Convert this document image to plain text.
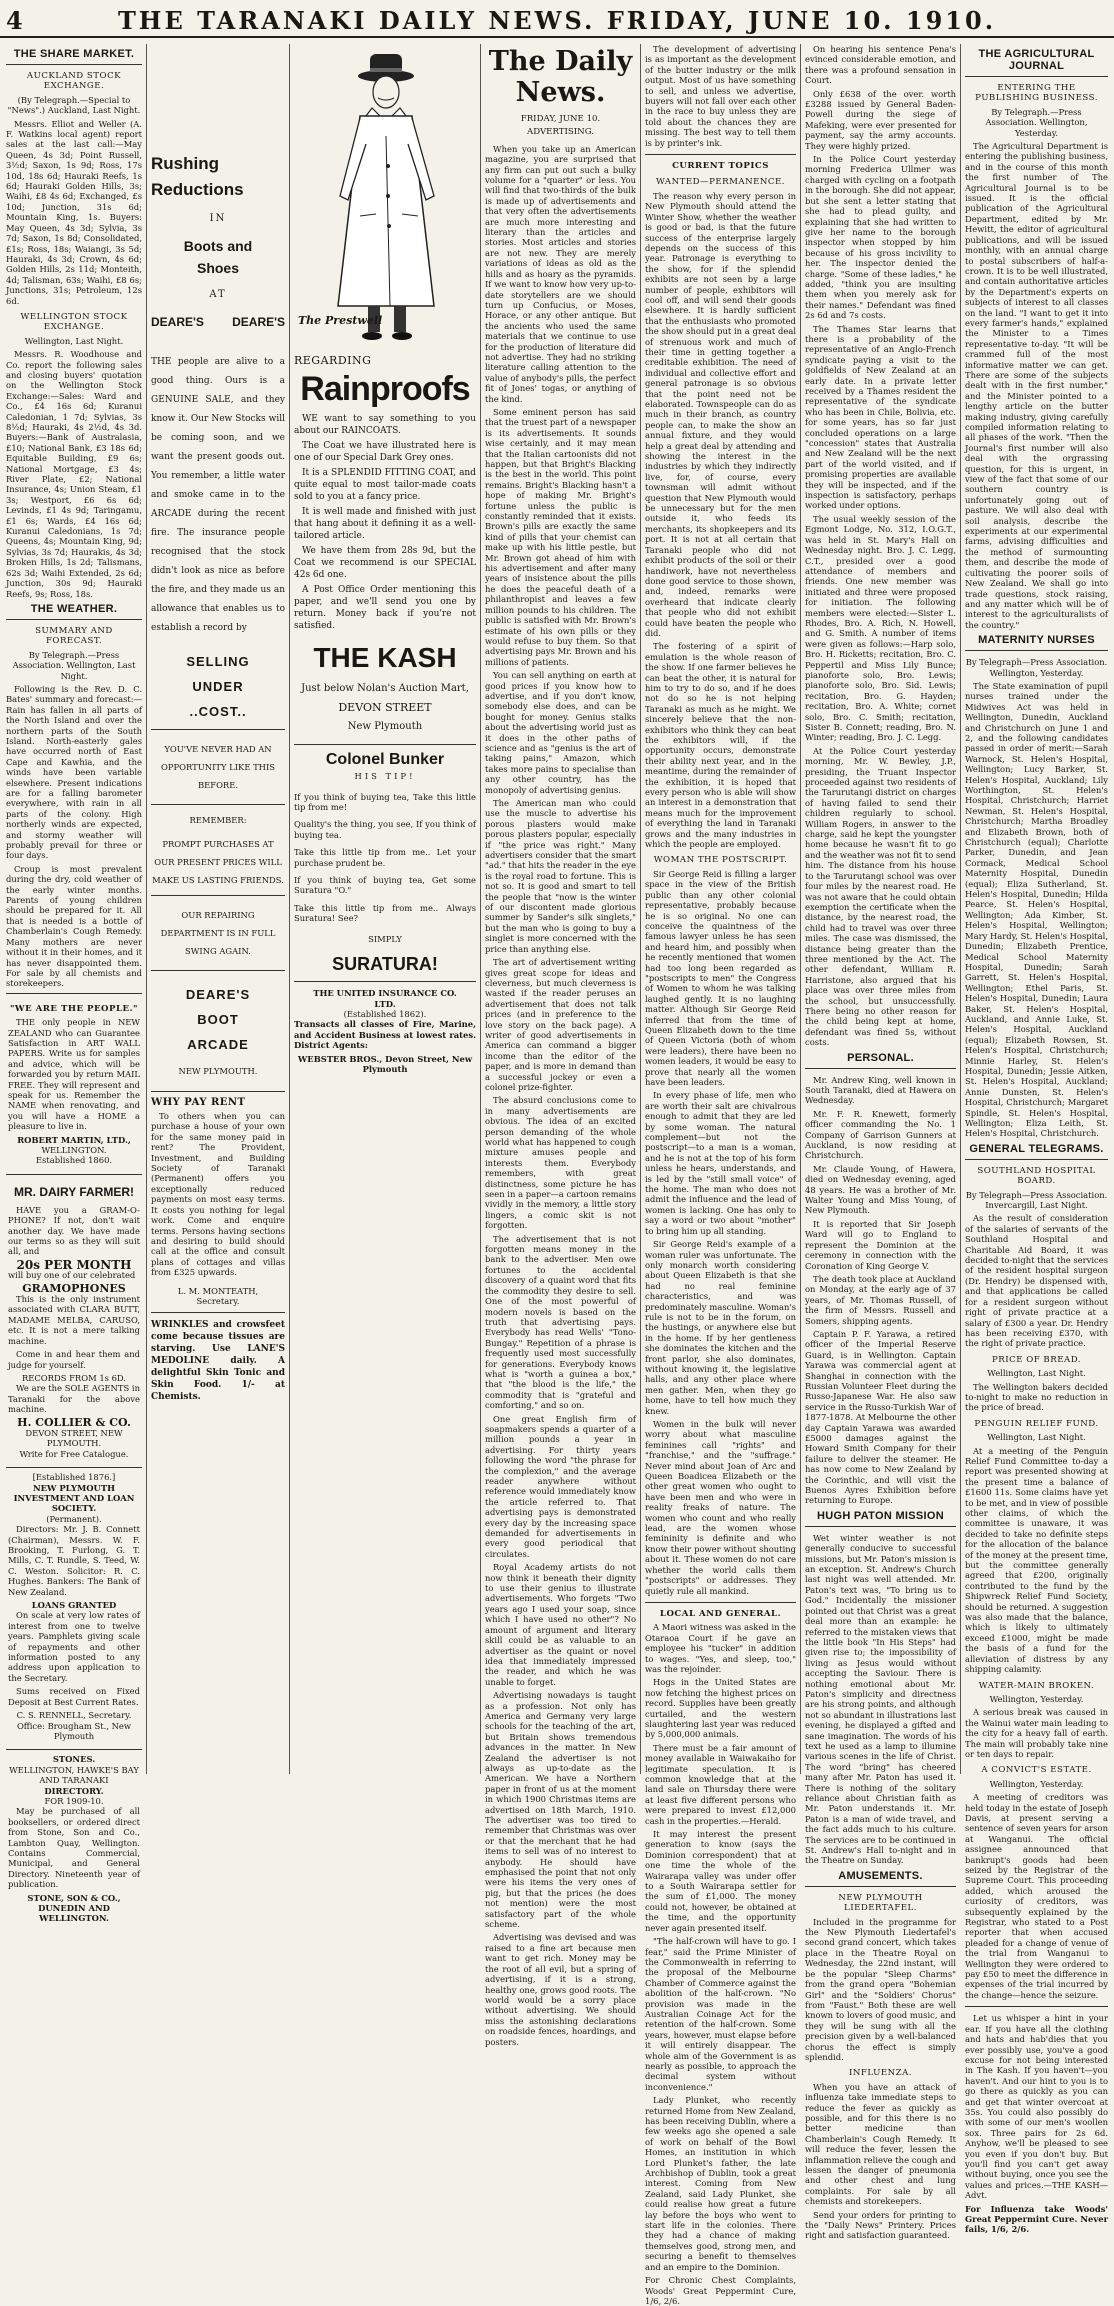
4	THE TARANAKI DAILY NEWS. FRIDAY, JUNE 10. 1910.
THE SHARE MARKET.
AUCKLAND STOCK EXCHANGE.
(By Telegraph.—Special to "News".) Auckland, Last Night.

Messrs. Elliot and Weller (A. F. Watkins local agent) report sales at the last call:—May Queen, 4s 3d; Point Russell, 3½d; Saxon, 1s 9d; Ross, 17s 10d, 18s 6d; Hauraki Reefs, 1s 6d; Hauraki Golden Hills, 3s; Waihi, £8 4s 6d; Exchanged, £s 10d; Junction, 31s 6d; Mountain King, 1s. Buyers: May Queen, 4s 3d; Sylvia, 3s 7d; Saxon, 1s 8d; Consolidated, £1s; Ross, 18s; Waiangi, 3s 5d; Hauraki, 4s 3d; Crown, 4s 6d; Golden Hills, 2s 11d; Monteith, 4d; Talisman, 63s; Waihi, £8 6s; Junctions, 31s; Petroleum, 12s 6d.

WELLINGTON STOCK EXCHANGE.
Wellington, Last Night.

Messrs. R. Woodhouse and Co. report the following sales and closing buyers' quotation on the Wellington Stock Exchange:—Sales: Ward and Co., £4 16s 6d; Kuranui Caledonian, 1 7d; Sylvias, 3s 8½d; Hauraki, 4s 2½d, 4s 3d. Buyers:—Bank of Australasia, £10; National Bank, £3 18s 6d; Equitable Building, £9 6s; National Mortgage, £3 4s; River Plate, £2; National Insurance, 4s; Union Steam, £1 3s; Westport, £6 6s 6d; Levinds, £1 4s 9d; Taringamu, £1 6s; Wards, £4 16s 6d; Kuranui Caledonians, 1s 7d; Queens, 4s; Mountain King, 9d; Sylvias, 3s 7d; Haurakis, 4s 3d; Broken Hills, 1s 2d; Talismans, 62s 3d; Waihi Extended, 2s 6d; Junction, 30s 9d; Hauraki Reefs, 9s; Ross, 18s.

THE WEATHER.
SUMMARY AND FORECAST.
By Telegraph.—Press Association. Wellington, Last Night.

Following is the Rev. D. C. Bates' summary and forecast:—Rain has fallen in all parts of the North Island and over the northern parts of the South Island. North-easterly gales have occurred north of East Cape and Kawhia, and the winds have been variable elsewhere. Present indications are for a falling barometer everywhere, with rain in all parts of the colony. High northerly winds are expected, and stormy weather will probably prevail for three or four days.

Croup is most prevalent during the dry, cold weather of the early winter months. Parents of young children should be prepared for it. All that is needed is a bottle of Chamberlain's Cough Remedy. Many mothers are never without it in their homes, and it has never disappointed them. For sale by all chemists and storekeepers.

"WE ARE THE PEOPLE."

THE only people in NEW ZEALAND who can Guarantee Satisfaction in ART WALL PAPERS. Write us for samples and advice, which will be forwarded you by return MAIL FREE. They will represent and speak for us. Remember the NAME when renovating, and you will have a HOME a pleasure to live in.

ROBERT MARTIN, LTD.,
WELLINGTON.
Established 1860.
MR. DAIRY FARMER!

HAVE you a GRAM-O-PHONE? If not, don't wait another day. We have made our terms so as they will suit all, and

20s PER MONTH

will buy one of our celebrated

GRAMOPHONES

This is the only instrument associated with CLARA BUTT, MADAME MELBA, CARUSO, etc. It is not a mere talking machine.

Come in and hear them and judge for yourself.

RECORDS FROM 1s 6D.

We are the SOLE AGENTS in Taranaki for the above machine.

H. COLLIER & CO.
DEVON STREET, NEW PLYMOUTH.
Write for Free Catalogue.
[Established 1876.]
NEW PLYMOUTH INVESTMENT AND LOAN SOCIETY.
(Permanent).

Directors: Mr. J. B. Connett (Chairman), Messrs. W. F. Brooking, T. Furlong, G. T. Mills, C. T. Rundle, S. Teed, W. C. Weston. Solicitor: R. C. Hughes. Bankers: The Bank of New Zealand.

LOANS GRANTED

On scale at very low rates of interest from one to twelve years. Pamphlets giving scale of repayments and other information posted to any address upon application to the Secretary.

Sums received on Fixed Deposit at Best Current Rates.

C. S. RENNELL, Secretary.
Office: Brougham St., New Plymouth
STONES.
WELLINGTON, HAWKE'S BAY AND TARANAKI
DIRECTORY.
FOR 1909-10.

May be purchased of all booksellers, or ordered direct from Stone, Son and Co., Lambton Quay, Wellington. Contains Commercial, Municipal, and General Directory. Nineteenth year of publication.

STONE, SON & CO.,
DUNEDIN AND WELLINGTON.
Rushing
Reductions
IN
Boots and
Shoes
AT
DEARE'S DEARE'S

THE people are alive to a good thing. Ours is a GENUINE SALE, and they know it. Our New Stocks will be coming soon, and we want the present goods out. You remember, a little water and smoke came in to the ARCADE during the recent fire. The insurance people recognised that the stock didn't look as nice as before the fire, and they made us an allowance that enables us to establish a record by

SELLING
UNDER
..COST..
YOU'VE NEVER HAD AN OPPORTUNITY LIKE THIS BEFORE.
REMEMBER:
PROMPT PURCHASES AT OUR PRESENT PRICES WILL MAKE US LASTING FRIENDS.
OUR REPAIRING DEPARTMENT IS IN FULL SWING AGAIN.
DEARE'S
BOOT
ARCADE
NEW PLYMOUTH.
WHY PAY RENT

To others when you can purchase a house of your own for the same money paid in rent? The Provident, Investment, and Building Society of Taranaki (Permanent) offers you exceptionally reduced payments on most easy terms. It costs you nothing for legal work. Come and enquire terms. Persons having sections and desiring to build should call at the office and consult plans of cottages and villas from £325 upwards.

L. M. MONTEATH,
Secretary.

WRINKLES and crowsfeet come because tissues are starving. Use LANE'S MEDOLINE daily. A delightful Skin Tonic and Skin Food. 1/- at Chemists.

The Prestwell
REGARDING
Rainproofs

WE want to say something to you about our RAINCOATS.

The Coat we have illustrated here is one of our Special Dark Grey ones.

It is a SPLENDID FITTING COAT, and quite equal to most tailor-made coats sold to you at a fancy price.

It is well made and finished with just that hang about it defining it as a well-tailored article.

We have them from 28s 9d, but the Coat we recommend is our SPECIAL 42s 6d one.

A Post Office Order mentioning this paper, and we'll send you one by return. Money back if you're not satisfied.

THE KASH
Just below Nolan's Auction Mart,
DEVON STREET
New Plymouth
Colonel Bunker
HIS TIP!

If you think of buying tea, Take this little tip from me!

Quality's the thing, you see, If you think of buying tea.

Take this little tip from me.. Let your purchase prudent be.

If you think of buying tea, Get some Suratura "O."

Take this little tip from me.. Always Suratura! See?

SIMPLY
SURATURA!
THE UNITED INSURANCE CO.
LTD.
(Established 1862).

Transacts all classes of Fire, Marine, and Accident Business at lowest rates. District Agents:

WEBSTER BROS., Devon Street, New Plymouth
The Daily News.
FRIDAY, JUNE 10.
ADVERTISING.

When you take up an American magazine, you are surprised that any firm can put out such a bulky volume for a "quarter" or less. You will find that two-thirds of the bulk is made up of advertisements and that very often the advertisements are much more interesting and literary than the articles and stories. Most articles and stories are not new. They are merely variations of ideas as old as the hills and as hoary as the pyramids. If we want to know how very up-to-date storytellers are we should turn up Confucius, or Moses, Horace, or any other antique. But the ancients who used the same materials that we continue to use for the production of literature did not advertise. They had no striking literature calling attention to the value of anybody's pills, the perfect fit of Jones' togas, or anything of the kind.

Some eminent person has said that the truest part of a newspaper is its advertisements. It sounds wise certainly, and it may mean that the Italian cartoonists did not happen, but that Bright's Blacking is the best in the world. This point remains. Bright's Blacking hasn't a hope of making Mr. Bright's fortune unless the public is constantly reminded that it exists. Brown's pills are exactly the same kind of pills that your chemist can make up with his little pestle, but Mr. Brown got ahead of him with his advertisement and after many years of insistence about the pills he does the peaceful death of a philanthropist and leaves a few million pounds to his children. The public is satisfied with Mr. Brown's estimate of his own pills or they would refuse to buy them. So that advertising pays Mr. Brown and his millions of patients.

You can sell anything on earth at good prices if you know how to advertise, and if you don't know, somebody else does, and can be bought for money. Genius stalks about the advertising world just as it does in the other paths of science and as "genius is the art of taking pains," Amazon, which takes more pains to specialise than any other country, has the monopoly of advertising genius.

The American man who could use the muscle to advertise his porous plasters would make porous plasters popular, especially if "the price was right." Many advertisers consider that the smart "ad." that hits the reader in the eye is the royal road to fortune. This is not so. It is good and smart to tell the people that "now is the winter of our discontent made glorious summer by Sander's silk singlets," but the man who is going to buy a singlet is more concerned with the price than anything else.

The art of advertisement writing gives great scope for ideas and cleverness, but much cleverness is wasted if the reader peruses an advertisement that does not talk prices (and in preference to the love story on the back page). A writer of good advertisements in America can command a bigger income than the editor of the paper, and is more in demand than a successful jockey or even a colonel prize-fighter.

The absurd conclusions come to in many advertisements are obvious. The idea of an excited person demanding of the whole world what has happened to cough mixture amuses people and interests them. Everybody remembers, with great distinctness, some picture he has seen in a paper—a cartoon remains vividly in the memory, a little story lingers, a comic skit is not forgotten.

The advertisement that is not forgotten means money in the bank to the advertiser. Men owe fortunes to the accidental discovery of a quaint word that fits the commodity they desire to sell. One of the most powerful of modern novels is based on the truth that advertising pays. Everybody has read Wells' "Tono-Bungay." Repetition of a phrase is frequently used most successfully for generations. Everybody knows what is "worth a guinea a box," that "the blood is the life," the commodity that is "grateful and comforting," and so on.

One great English firm of soapmakers spends a quarter of a million pounds a year in advertising. For thirty years following the word "the phrase for the complexion," and the average reader anywhere without reference would immediately know the article referred to. That advertising pays is demonstrated every day by the increasing space demanded for advertisements in every good periodical that circulates.

Royal Academy artists do not now think it beneath their dignity to use their genius to illustrate advertisements. Who forgets "Two years ago I used your soap, since which I have used no other"? No amount of argument and literary skill could be as valuable to an advertiser as the quaint or novel idea that immediately impressed the reader, and which he was unable to forget.

Advertising nowadays is taught as a profession. Not only has America and Germany very large schools for the teaching of the art, but Britain shows tremendous advances in the matter. In New Zealand the advertiser is not always as up-to-date as the American. We have a Northern paper in front of us at the moment in which 1900 Christmas items are advertised on 18th March, 1910. The advertiser was too tired to remember that Christmas was over or that the merchant that he had items to sell was of no interest to anybody. He should have emphasised the point that not only were his items the very ones of pig, but that the prices (he does not mention) were the most satisfactory part of the whole scheme.

Advertising was devised and was raised to a fine art because men want to get rich. Money may be the root of all evil, but a spring of advertising, if it is a strong, healthy one, grows good roots. The world would be a sorry place without advertising. We should miss the astonishing declarations on roadside fences, hoardings, and posters.

The development of advertising is as important as the development of the butter industry or the milk output. Most of us have something to sell, and unless we advertise, buyers will not fall over each other in the race to buy unless they are told about the chances they are missing. The best way to tell them is by printer's ink.

CURRENT TOPICS
WANTED—PERMANENCE.

The reason why every person in New Plymouth should attend the Winter Show, whether the weather is good or bad, is that the future success of the enterprise largely depends on the success of this year. Patronage is everything to the show, for if the splendid exhibits are not seen by a large number of people, exhibitors will cool off, and will send their goods elsewhere. It is hardly sufficient that the enthusiasts who promoted the show should put in a great deal of strenuous work and much of their time in getting together a creditable exhibition. The need of individual and collective effort and general patronage is so obvious that the point need not be elaborated. Townspeople can do as much in their branch, as country people can, to make the show an annual fixture, and they would help a great deal by attending and showing the interest in the industries by which they indirectly live, for, of course, every townsman will admit without question that New Plymouth would be unnecessary but for the men outside it, who feeds its merchants, its shopkeepers and its port. It is not at all certain that Taranaki people who did not exhibit products of the soil or their handiwork, have not nevertheless done good service to those shown, and, indeed, remarks were overheard that indicate clearly that people who did not exhibit could have beaten the people who did.

The fostering of a spirit of emulation is the whole reason of the show. If one farmer believes he can beat the other, it is natural for him to try to do so, and if he does not do so he is not helping Taranaki as much as he might. We sincerely believe that the non-exhibitors who think they can beat the exhibitors will, if the opportunity occurs, demonstrate their ability next year, and in the meantime, during the remainder of the exhibition, it is hoped that every person who is able will show an interest in a demonstration that means much for the improvement of everything the land in Taranaki grows and the many industries in which the people are employed.

WOMAN THE POSTSCRIPT.

Sir George Reid is filling a larger space in the view of the British public than any other colonial representative, probably because he is so original. No one can conceive the quaintness of the famous lawyer unless he has seen and heard him, and possibly when he recently mentioned that women had too long been regarded as "postscripts to men" the Congress of Women to whom he was talking laughed gently. It is no laughing matter. Although Sir George Reid inferred that from the time of Queen Elizabeth down to the time of Queen Victoria (both of whom were leaders), there have been no women leaders, it would be easy to prove that nearly all the women have been leaders.

In every phase of life, men who are worth their salt are chivalrous enough to admit that they are led by some woman. The natural complement—but not the postscript—to a man is a woman, and he is not at the top of his form unless he hears, understands, and is led by the "still small voice" of the home. The man who does not admit the influence and the lead of women is lacking. One has only to say a word or two about "mother" to bring him up all standing.

Sir George Reid's example of a woman ruler was unfortunate. The only monarch worth considering about Queen Elizabeth is that she had no real feminine characteristics, and was predominately masculine. Woman's rule is not to be in the forum, on the hustings, or anywhere else but in the home. If by her gentleness she dominates the kitchen and the front parlor, she also dominates, without knowing it, the legislative halls, and any other place where men gather. Men, when they go home, have to tell how much they knew.

Women in the bulk will never worry about what masculine feminines call "rights" and "franchise," and the "suffrage." Never mind about Joan of Arc and Queen Boadicea Elizabeth or the other great women who ought to have been men and who were in reality freaks of nature. The women who count and who really lead, are the women whose femininity is definite and who know their power without shouting about it. These women do not care whether the world calls them "postscripts" or addresses. They quietly rule all mankind.

LOCAL AND GENERAL.

A Maori witness was asked in the Otaraoa Court if he gave an employee his "tucker" in addition to wages. "Yes, and sleep, too," was the rejoinder.

Hogs in the United States are now fetching the highest prices on record. Supplies have been greatly curtailed, and the western slaughtering last year was reduced by 5,000,000 animals.

There must be a fair amount of money available in Waiwakaiho for legitimate speculation. It is common knowledge that at the land sale on Thursday there were at least five different persons who were prepared to invest £12,000 cash in the properties.—Herald.

It may interest the present generation to know (says the Dominion correspondent) that at one time the whole of the Wairarapa valley was under offer to a South Wairarapa settler for the sum of £1,000. The money could not, however, be obtained at the time, and the opportunity never again presented itself.

"The half-crown will have to go. I fear," said the Prime Minister of the Commonwealth in referring to the proposal of the Melbourne Chamber of Commerce against the abolition of the half-crown. "No provision was made in the Australian Coinage Act for the retention of the half-crown. Some years, however, must elapse before it will entirely disappear. The whole aim of the Government is as nearly as possible, to approach the decimal system without inconvenience."

Lady Plunket, who recently returned Home from New Zealand, has been receiving Dublin, where a few weeks ago she opened a sale of work on behalf of the Bowl Homes, an institution in which Lord Plunket's father, the late Archbishop of Dublin, took a great interest. Coming from New Zealand, said Lady Plunket, she could realise how great a future lay before the boys who went to start life in the colonies. There they had a chance of making themselves good, strong men, and securing a benefit to themselves and an empire to the Dominion.

For Chronic Chest Complaints, Woods' Great Peppermint Cure, 1/6, 2/6.

On hearing his sentence Pena's evinced considerable emotion, and there was a profound sensation in Court.

Only £638 of the over. worth £3288 issued by General Baden-Powell during the siege of Mafeking, were ever presented for payment, say the army accounts. They were highly prized.

In the Police Court yesterday morning Frederica Ullmer was charged with cycling on a footpath in the borough. She did not appear, but she sent a letter stating that she had to plead guilty, and explaining that she had written to give her name to the borough inspector when stopped by him because of his gross incivility to her. The inspector denied the charge. "Some of these ladies," he added, "think you are insulting them when you merely ask for their names." Defendant was fined 2s 6d and 7s costs.

The Thames Star learns that there is a probability of the representative of an Anglo-French syndicate paying a visit to the goldfields of New Zealand at an early date. In a private letter received by a Thames resident the representative of the syndicate who has been in Chile, Bolivia, etc. for some years, has so far just concluded operations on a large "concession" states that Australia and New Zealand will be the next part of the world visited, and if promising properties are available they will be inspected, and if the inspection is satisfactory, perhaps worked under options.

The usual weekly session of the Egmont Lodge, No. 312, I.O.G.T., was held in St. Mary's Hall on Wednesday night. Bro. J. C. Legg, C.T., presided over a good attendance of members and friends. One new member was initiated and three were proposed for initiation. The following members were elected:—Sister L. Rhodes, Bro. A. Rich, N. Howell, and G. Smith. A number of items were given as follows:—Harp solo, Bro. H. Ricketts; recitation, Bro. C. Peppertil and Miss Lily Bunce; pianoforte solo, Bro. Lewis; pianoforte solo, Bro. Sid. Lewis; recitation, Bro. G. Hayden; recitation, Bro. A. White; cornet solo, Bro. C. Smith; recitation, Sister B. Connett; reading, Bro. N. Winter; reading, Bro. J. C. Legg.

At the Police Court yesterday morning, Mr. W. Bewley, J.P., presiding, the Truant Inspector proceeded against two residents of the Tarurutangi district on charges of having failed to send their children regularly to school. William Rogers, in answer to the charge, said he kept the youngster home because he wasn't fit to go and the weather was not fit to send him. The distance from his house to the Tarurutangi school was over four miles by the nearest road. He was not aware that he could obtain exemption the certificate when the distance, by the nearest road, the child had to travel was over three miles. The case was dismissed, the distance being greater than the three mentioned by the Act. The other defendant, William R. Harristone, also argued that his place was over three miles from the school, but unsuccessfully. There being no other reason for the child being kept at home, defendant was fined 5s, without costs.

PERSONAL.

Mr. Andrew King, well known in South Taranaki, died at Hawera on Wednesday.

Mr. F. R. Knewett, formerly officer commanding the No. 1 Company of Garrison Gunners at Auckland, is now residing at Christchurch.

Mr. Claude Young, of Hawera, died on Wednesday evening, aged 48 years. He was a brother of Mr. Walter Young and Miss Young, of New Plymouth.

It is reported that Sir Joseph Ward will go to England to represent the Dominion at the ceremony in connection with the Coronation of King George V.

The death took place at Auckland on Monday, at the early age of 37 years, of Mr. Thomas Russell, of the firm of Messrs. Russell and Somers, shipping agents.

Captain P. F. Yarawa, a retired officer of the Imperial Reserve Guard, is in Wellington. Captain Yarawa was commercial agent at Shanghai in connection with the Russian Volunteer Fleet during the Russo-Japanese War. He also saw service in the Russo-Turkish War of 1877-1878. At Melbourne the other day Captain Yarawa was awarded £5000 damages against the Howard Smith Company for their failure to deliver the steamer. He has now come to New Zealand by the Corinthic, and will visit the Buenos Ayres Exhibition before returning to Europe.

HUGH PATON MISSION

Wet winter weather is not generally conducive to successful missions, but Mr. Paton's mission is an exception. St. Andrew's Church last night was well attended. Mr. Paton's text was, "To bring us to God." Incidentally the missioner pointed out that Christ was a great deal more than an example: he referred to the mistaken views that the little book "In His Steps" had given rise to; the impossibility of living as Jesus would without accepting the Saviour. There is nothing emotional about Mr. Paton's simplicity and directness are his strong points, and although not so abundant in illustrations last evening, he displayed a gifted and sane imagination. The words of his text he used as a lamp to illumine various scenes in the life of Christ. The word "bring" has cheered many after Mr. Paton has used it. There is nothing of the solitary reliance about Christian faith as Mr. Paton understands it. Mr. Paton is a man of wide travel, and the fact adds much to his culture. The services are to be continued in St. Andrew's Hall to-night and in the Theatre on Sunday.

AMUSEMENTS.
NEW PLYMOUTH LIEDERTAFEL.

Included in the programme for the New Plymouth Liedertafel's second grand concert, which takes place in the Theatre Royal on Wednesday, the 22nd instant, will be the popular "Sleep Charms" from the grand opera "Bohemian Girl" and the "Soldiers' Chorus" from "Faust." Both these are well known to lovers of good music, and they will be sung with all the precision given by a well-balanced chorus the effect is simply splendid.

INFLUENZA.

When you have an attack of influenza take immediate steps to reduce the fever as quickly as possible, and for this there is no better medicine than Chamberlain's Cough Remedy. It will reduce the fever, lessen the inflammation relieve the cough and lessen the danger of pneumonia and other chest and lung complaints. For sale by all chemists and storekeepers.

Send your orders for printing to the "Daily News" Printery. Prices right and satisfaction guaranteed.

THE AGRICULTURAL JOURNAL
ENTERING THE PUBLISHING BUSINESS.
By Telegraph.—Press Association. Wellington, Yesterday.

The Agricultural Department is entering the publishing business, and in the course of this month the first number of The Agricultural Journal is to be issued. It is the official publication of the Agricultural Department, edited by Mr. Hewitt, the editor of agricultural publications, and will be issued monthly, with an annual charge to postal subscribers of half-a-crown. It is to be well illustrated, and contain authoritative articles by the Department's experts on subjects of interest to all classes on the land. "I want to get it into every farmer's hands," explained the Minister to a Times representative to-day. "It will be crammed full of the most informative matter we can get. There are some of the subjects dealt with in the first number," and the Minister pointed to a lengthy article on the butter making industry, giving carefully compiled information relating to all phases of the work. "Then the Journal's first number will also deal with the orgrassing question, for this is urgent, in view of the fact that some of our southern country is unfortunately going out of pasture. We will also deal with soil analysis, describe the experiments at our experimental farms, advising difficulties and the method of surmounting them, and describe the mode of cultivating the poorer soils of New Zealand. We shall go into trade questions, stock raising, and any matter which will be of interest to the agriculturalists of the country."

MATERNITY NURSES
By Telegraph—Press Association. Wellington, Yesterday.

The State examination of pupil nurses trained under the Midwives Act was held in Wellington, Dunedin, Auckland and Christchurch on June 1 and 2, and the following candidates passed in order of merit:—Sarah Warnock, St. Helen's Hospital, Wellington; Lucy Barker, St. Helen's Hospital, Auckland; Lily Worthington, St. Helen's Hospital, Christchurch; Harriet Newman, St. Helen's Hospital, Christchurch; Martha Broadley and Elizabeth Brown, both of Christchurch (equal); Charlotte Parker, Dunedin, and Jean Cormack, Medical School Maternity Hospital, Dunedin (equal); Eliza Sutherland, St. Helen's Hospital, Dunedin; Hilda Pearce, St. Helen's Hospital, Wellington; Ada Kimber, St. Helen's Hospital, Wellington; Mary Hardy, St. Helen's Hospital, Dunedin; Elizabeth Prentice, Medical School Maternity Hospital, Dunedin; Sarah Garrett, St. Helen's Hospital, Wellington; Ethel Paris, St. Helen's Hospital, Dunedin; Laura Baker, St. Helen's Hospital, Auckland, and Annie Luke, St. Helen's Hospital, Auckland (equal); Elizabeth Rowsen, St. Helen's Hospital, Christchurch; Minnie Harley, St. Helen's Hospital, Dunedin; Jessie Aitken, St. Helen's Hospital, Auckland; Annie Dunsten, St. Helen's Hospital, Christchurch; Margaret Spindle, St. Helen's Hospital, Wellington; Eliza Leith, St. Helen's Hospital, Christchurch.

GENERAL TELEGRAMS.
SOUTHLAND HOSPITAL BOARD.
By Telegraph—Press Association. Invercargill, Last Night.

As the result of consideration of the salaries of servants of the Southland Hospital and Charitable Aid Board, it was decided to-night that the services of the resident hospital surgeon (Dr. Hendry) be dispensed with, and that applications be called for a resident surgeon without right of private practice at a salary of £300 a year. Dr. Hendry has been receiving £370, with the right of private practice.

PRICE OF BREAD.
Wellington, Last Night.

The Wellington bakers decided to-night to make no reduction in the price of bread.

PENGUIN RELIEF FUND.
Wellington, Last Night.

At a meeting of the Penguin Relief Fund Committee to-day a report was presented showing at the present time a balance of £1600 11s. Some claims have yet to be met, and in view of possible other claims, of which the committee is unaware, it was decided to take no definite steps for the allocation of the balance of the money at the present time, but the committee generally agreed that £200, originally contributed to the fund by the Shipwreck Relief Fund Society, should be returned. A suggestion was also made that the balance, which is likely to ultimately exceed £1000, might be made the basis of a fund for the alleviation of distress by any shipping calamity.

WATER-MAIN BROKEN.
Wellington, Yesterday.

A serious break was caused in the Wainui water main leading to the city for a heavy fall of earth. The main will probably take nine or ten days to repair.

A CONVICT'S ESTATE.
Wellington, Yesterday.

A meeting of creditors was held today in the estate of Joseph Davis, at present serving a sentence of seven years for arson at Wanganui. The official assignee announced that bankrupt's goods had been seized by the Registrar of the Supreme Court. This proceeding added, which aroused the curiosity of creditors, was subsequently explained by the Registrar, who stated to a Post reporter that when accused pleaded for a change of venue of the trial from Wanganui to Wellington they were ordered to pay £50 to meet the difference in expenses of the trial incurred by the change—hence the seizure.

Let us whisper a hint in your ear. If you have all the clothing and hats and hab'dies that you ever possibly use, you've a good excuse for not being interested in The Kash. If you haven't—you haven't. And our hint to you is to go there as quickly as you can and get that winter overcoat at 35s. You could also possibly do with some of our men's woollen sox. Three pairs for 2s 6d. Anyhow, we'll be pleased to see you even if you don't buy. But you'll find you can't get away without buying, once you see the values and prices.—THE KASH—Advt.

For Influenza take Woods' Great Peppermint Cure. Never fails, 1/6, 2/6.
